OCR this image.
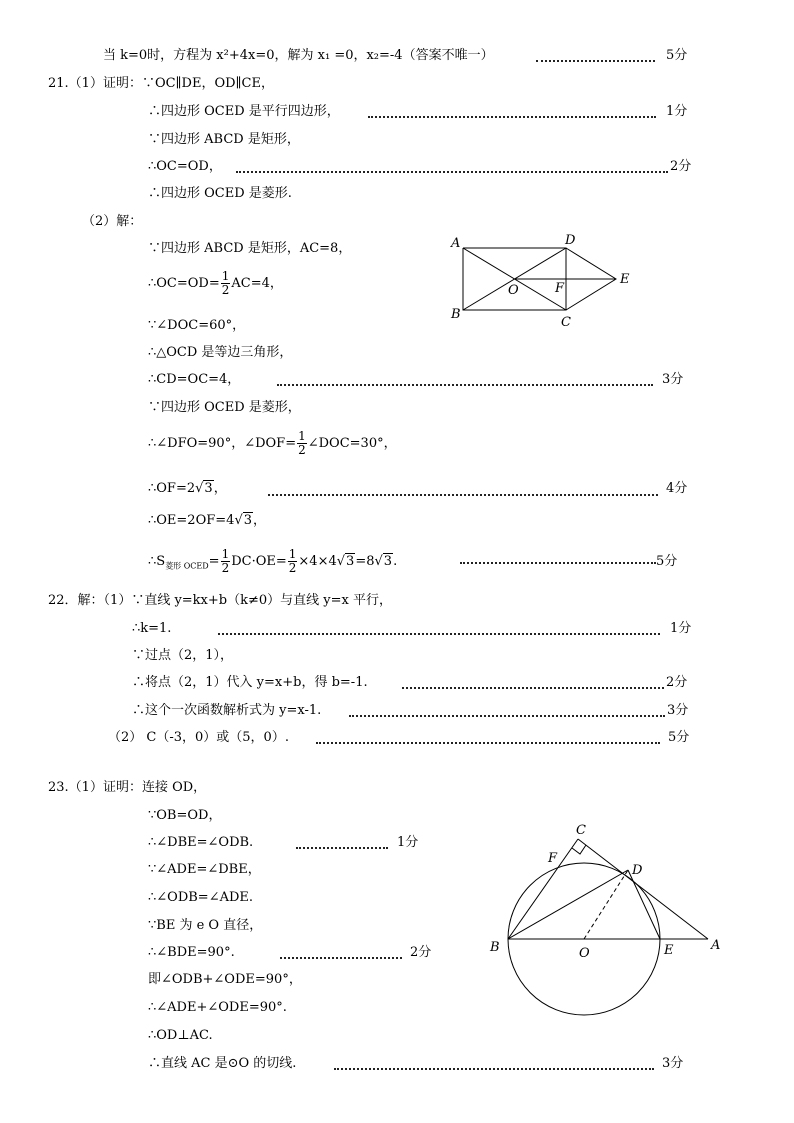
当 k=0时，方程为 x²+4x=0，解为 x₁ =0，x₂=-4（答案不唯一）	5分
21.（1）证明：∵OC∥DE，OD∥CE，
∴四边形 OCED 是平行四边形，	1分
∵四边形 ABCD 是矩形，
∴OC=OD，	2分
∴四边形 OCED 是菱形.
（2）解：
∵四边形 ABCD 是矩形，AC=8，
∵∠DOC=60°，
∴△OCD 是等边三角形，
∴CD=OC=4，	3分
∵四边形 OCED 是菱形，
22．解：（1）∵直线 y=kx+b（k≠0）与直线 y=x 平行，
∴k=1.	1分
∵过点（2，1），
∴将点（2，1）代入 y=x+b，得 b=-1.	2分
∴这个一次函数解析式为 y=x-1.	3分
（2） C（-3，0）或（5，0）.	5分
23.（1）证明：连接 OD，
∵OB=OD，
∴∠DBE=∠ODB.	1分
∵∠ADE=∠DBE，
∴∠ODB=∠ADE.
∵BE 为 e O 直径，
∴∠BDE=90°.	2分
即∠ODB+∠ODE=90°，
∴∠ADE+∠ODE=90°.
∴OD⊥AC.
∴直线 AC 是⊙O 的切线.	3分
∴OC=OD= $\frac{1}{2} AC=4$，
∴∠DFO=90°，∠DOF= $\frac{1}{2}$ ∠DOC=30°，
∴OF=2√3，	4分
∴OE=2OF=4√3，
$\therefore S_{菱形 OCED}= \frac{1}{2} DC\cdot OE= \frac{1}{2} \times 4\times 4√3=8√3$.	5分
A
B
C
D
E
O	F
C
F
D
B	O	E	A
